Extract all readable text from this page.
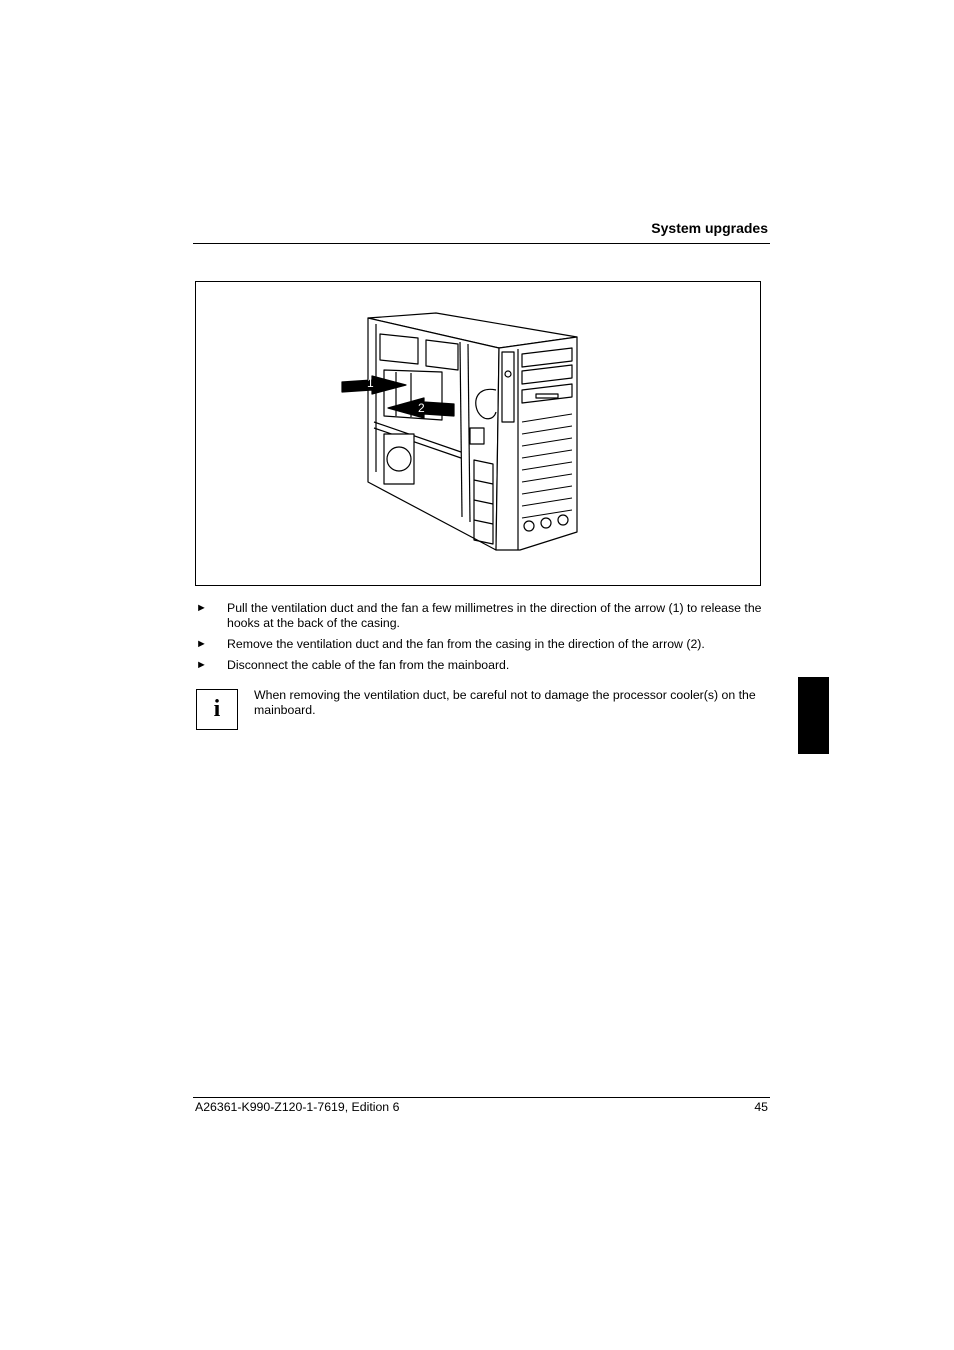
System upgrades
1
2
► Pull the ventilation duct and the fan a few millimetres in the direction of the arrow (1) to release the hooks at the back of the casing.
► Remove the ventilation duct and the fan from the casing in the direction of the arrow (2).
► Disconnect the cable of the fan from the mainboard.
i
When removing the ventilation duct, be careful not to damage the processor cooler(s) on the mainboard.
A26361-K990-Z120-1-7619, Edition 6	45
